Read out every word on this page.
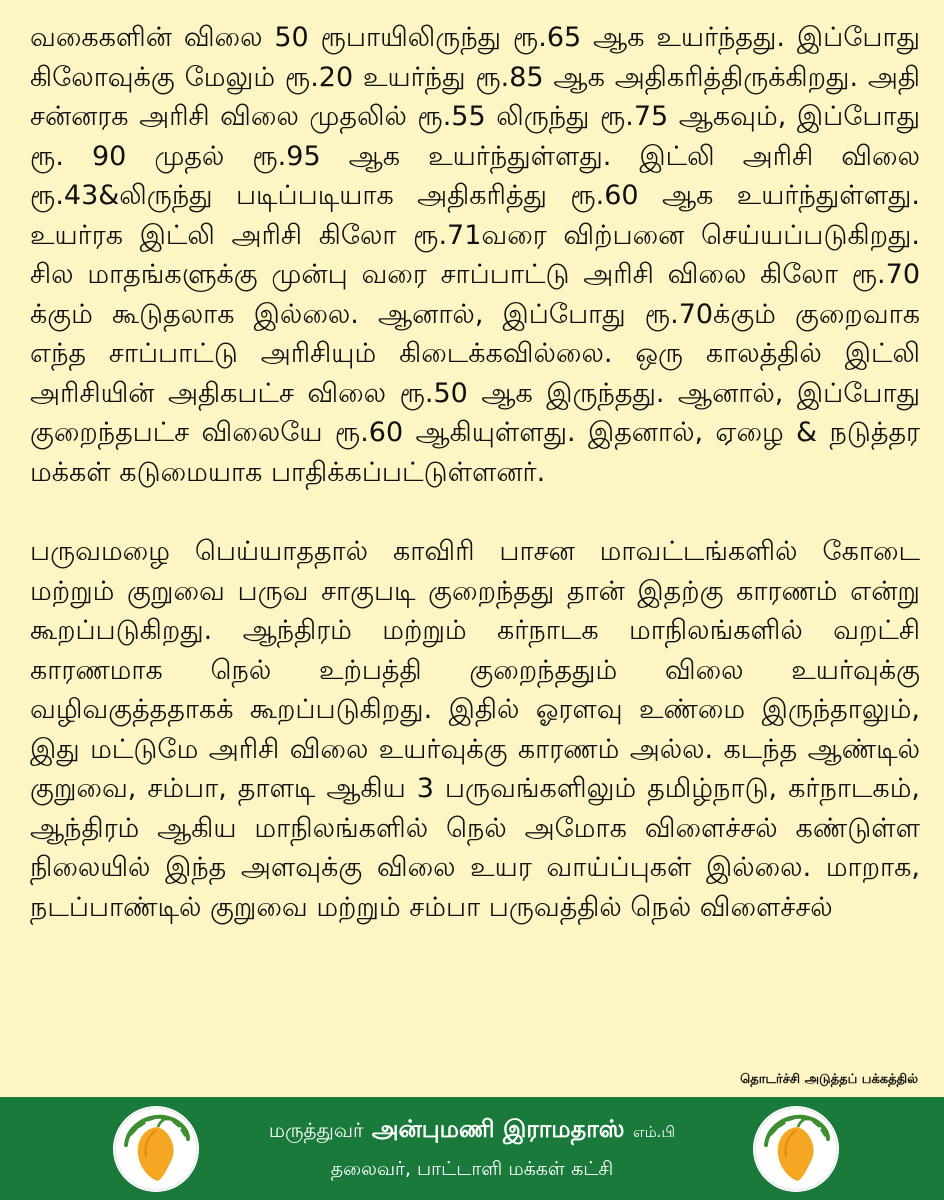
வகைகளின் விலை 50 ரூபாயிலிருந்து ரூ.65 ஆக உயர்ந்தது. இப்போது கிலோவுக்கு மேலும் ரூ.20 உயர்ந்து ரூ.85 ஆக அதிகரித்திருக்கிறது. அதி சன்னரக அரிசி விலை முதலில் ரூ.55 லிருந்து ரூ.75 ஆகவும், இப்போது ரூ. 90 முதல் ரூ.95 ஆக உயர்ந்துள்ளது. இட்லி அரிசி விலை ரூ.43&லிருந்து படிப்படியாக அதிகரித்து ரூ.60 ஆக உயர்ந்துள்ளது. உயர்ரக இட்லி அரிசி கிலோ ரூ.71வரை விற்பனை செய்யப்படுகிறது. சில மாதங்களுக்கு முன்பு வரை சாப்பாட்டு அரிசி விலை கிலோ ரூ.70 க்கும் கூடுதலாக இல்லை. ஆனால், இப்போது ரூ.70க்கும் குறைவாக எந்த சாப்பாட்டு அரிசியும் கிடைக்கவில்லை. ஒரு காலத்தில் இட்லி அரிசியின் அதிகபட்ச விலை ரூ.50 ஆக இருந்தது. ஆனால், இப்போது குறைந்தபட்ச விலையே ரூ.60 ஆகியுள்ளது. இதனால், ஏழை & நடுத்தர மக்கள் கடுமையாக பாதிக்கப்பட்டுள்ளனர்.

பருவமழை பெய்யாததால் காவிரி பாசன மாவட்டங்களில் கோடை மற்றும் குறுவை பருவ சாகுபடி குறைந்தது தான் இதற்கு காரணம் என்று கூறப்படுகிறது. ஆந்திரம் மற்றும் கர்நாடக மாநிலங்களில் வறட்சி காரணமாக நெல் உற்பத்தி குறைந்ததும் விலை உயர்வுக்கு வழிவகுத்ததாகக் கூறப்படுகிறது. இதில் ஓரளவு உண்மை இருந்தாலும், இது மட்டுமே அரிசி விலை உயர்வுக்கு காரணம் அல்ல. கடந்த ஆண்டில் குறுவை, சம்பா, தாளடி ஆகிய 3 பருவங்களிலும் தமிழ்நாடு, கர்நாடகம், ஆந்திரம் ஆகிய மாநிலங்களில் நெல் அமோக விளைச்சல் கண்டுள்ள நிலையில் இந்த அளவுக்கு விலை உயர வாய்ப்புகள் இல்லை. மாறாக, நடப்பாண்டில் குறுவை மற்றும் சம்பா பருவத்தில் நெல் விளைச்சல்

தொடர்ச்சி அடுத்தப் பக்கத்தில்
மருத்துவர் அன்புமணி இராமதாஸ் எம்.பி
தலைவர், பாட்டாளி மக்கள் கட்சி
